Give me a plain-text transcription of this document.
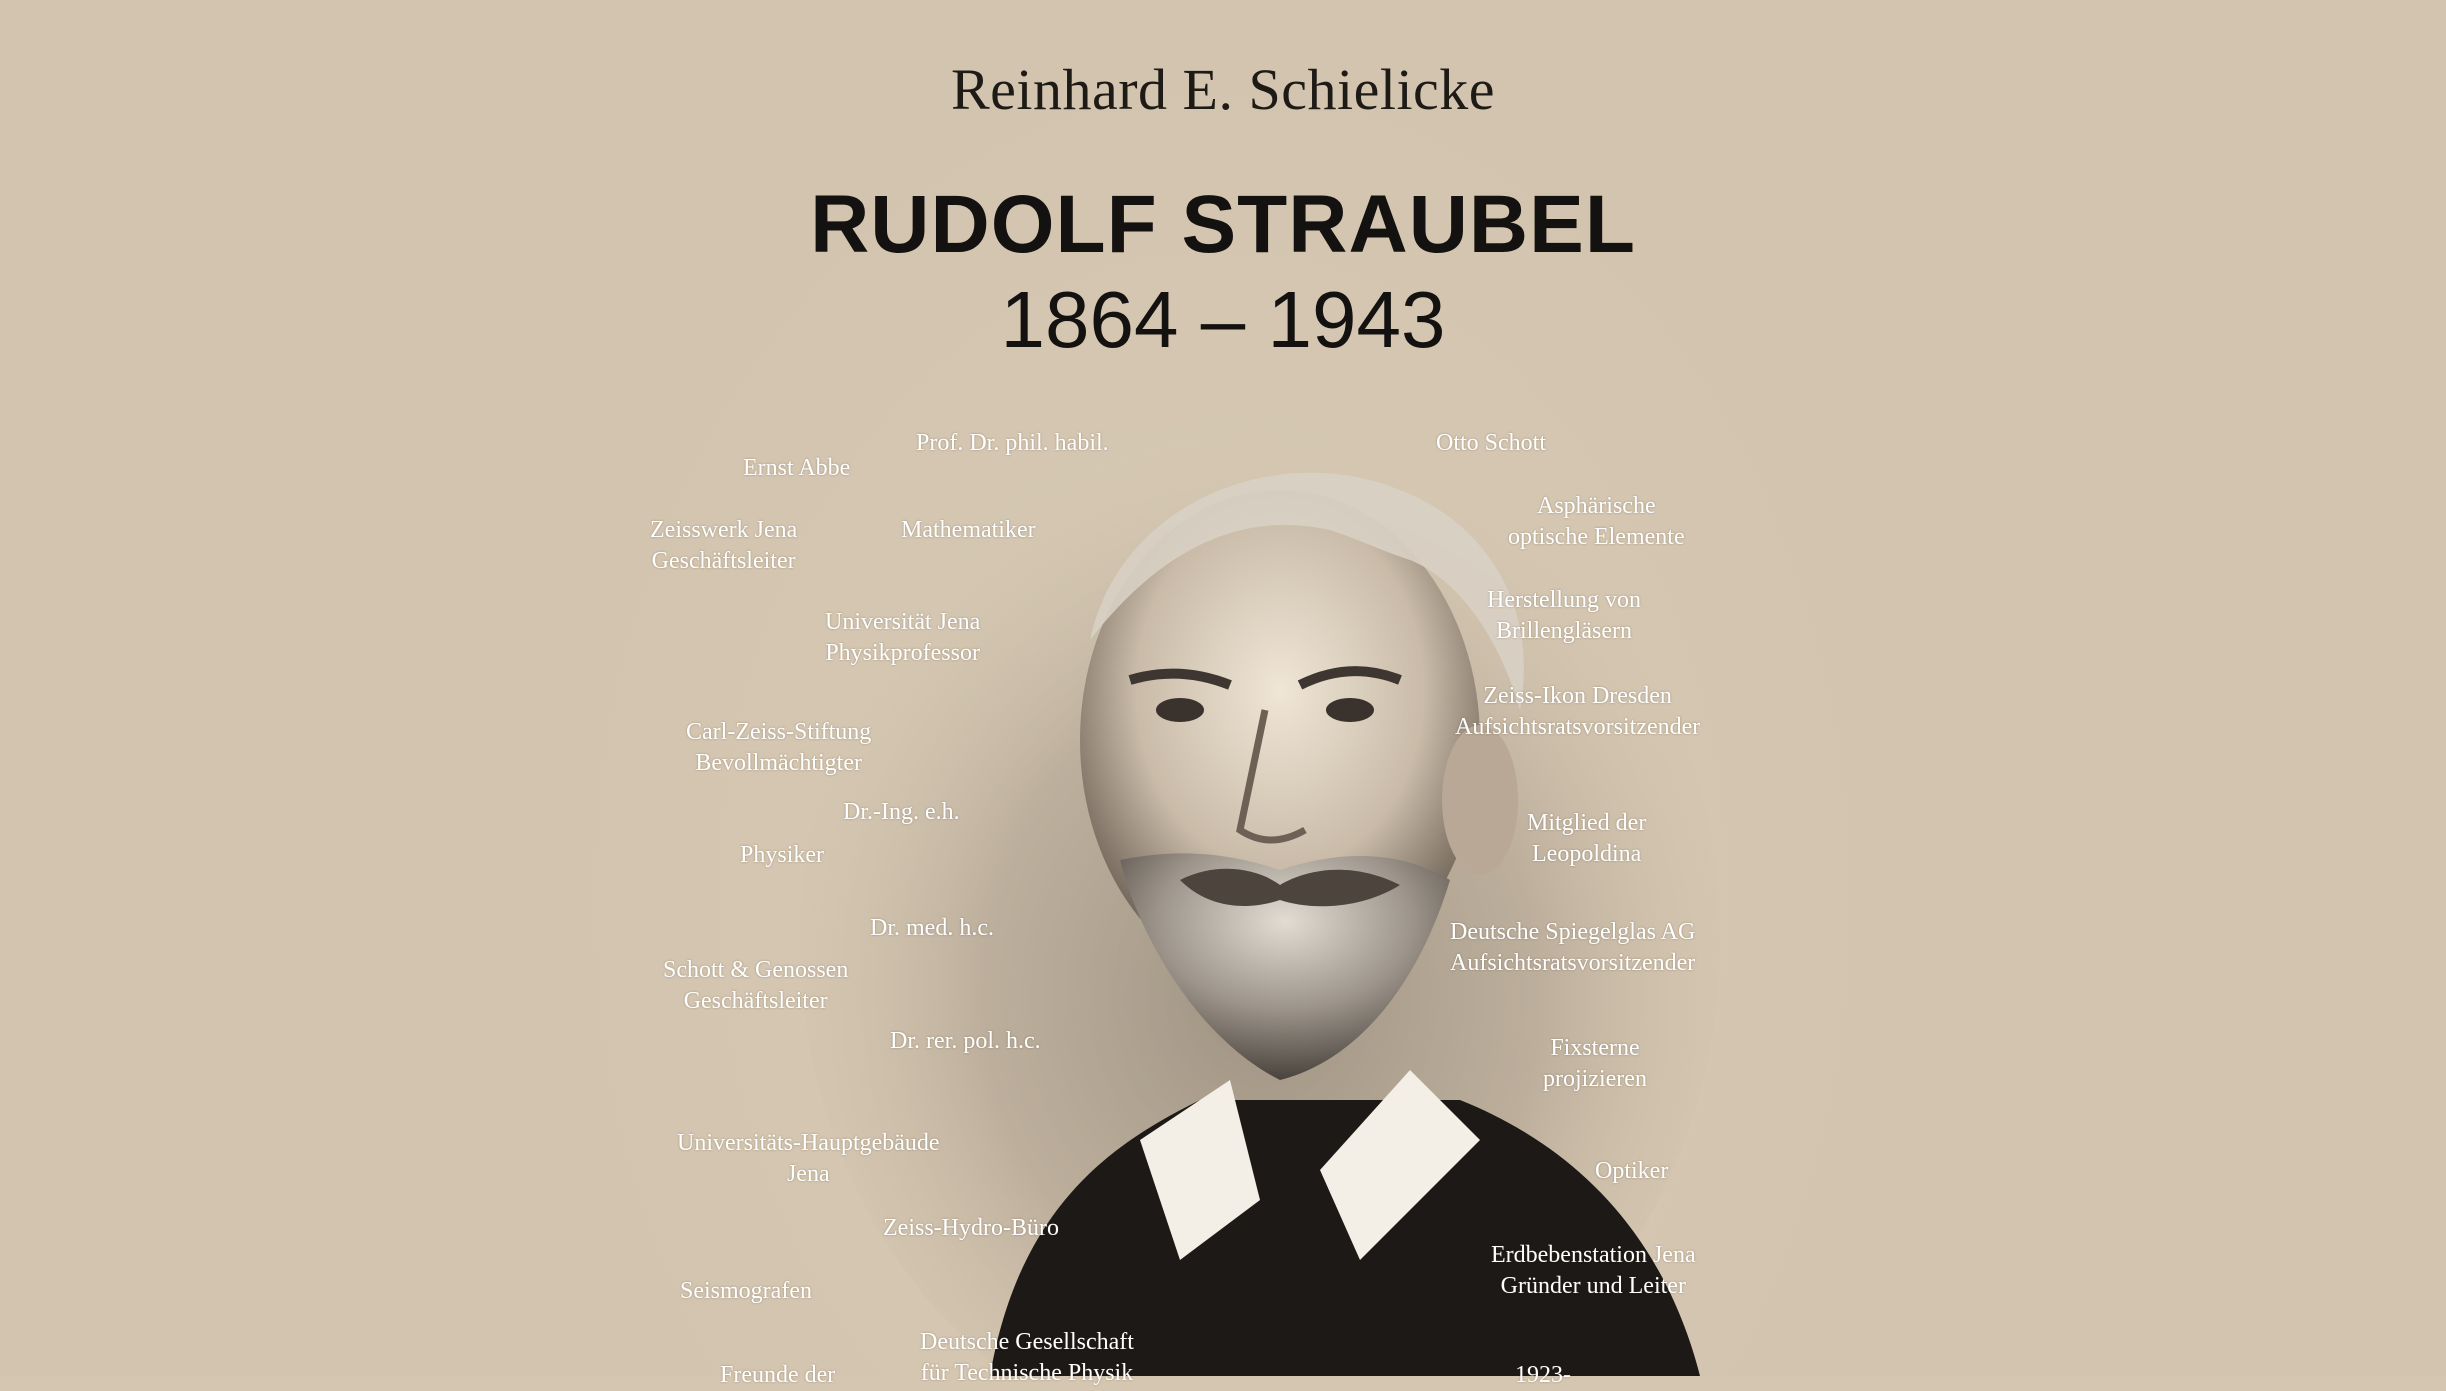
Reinhard E. Schielicke
RUDOLF STRAUBEL
1864 – 1943
Prof. Dr. phil. habil.
Ernst Abbe
Otto Schott
Zeisswerk Jena
Geschäftsleiter
Mathematiker
Asphärische
optische Elemente
Universität Jena
Physikprofessor
Herstellung von
Brillengläsern
Carl-Zeiss-Stiftung
Bevollmächtigter
Zeiss-Ikon Dresden
Aufsichtsratsvorsitzender
Dr.-Ing. e.h.
Physiker
Mitglied der
Leopoldina
Dr. med. h.c.
Schott & Genossen
Geschäftsleiter
Deutsche Spiegelglas AG
Aufsichtsratsvorsitzender
Dr. rer. pol. h.c.	Fixsterne
projizieren
Universitäts-Hauptgebäude
Jena	Optiker
Zeiss-Hydro-Büro
Erdbebenstation Jena
Gründer und Leiter
Seismografen
Deutsche Gesellschaft
für Technische Physik
Freunde der	1923-
